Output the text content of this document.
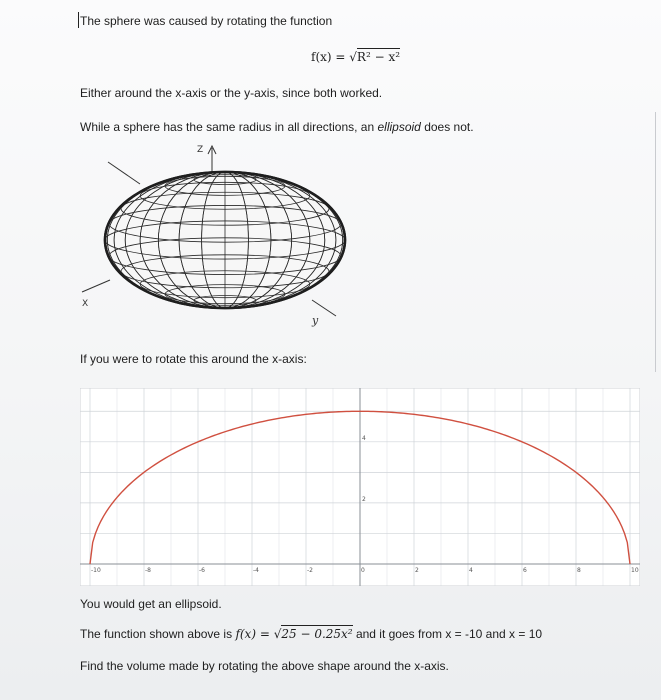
The sphere was caused by rotating the function
f(x) = √R² − x²
Either around the x-axis or the y-axis, since both worked.
While a sphere has the same radius in all directions, an ellipsoid does not.
Z
y
X
If you were to rotate this around the x-axis:
-10	-8	-6	-4	-2	0	2	4	6	8	10
4
2
You would get an ellipsoid.
The function shown above is f(x) = √25 − 0.25x² and it goes from x = -10 and x = 10
Find the volume made by rotating the above shape around the x-axis.
